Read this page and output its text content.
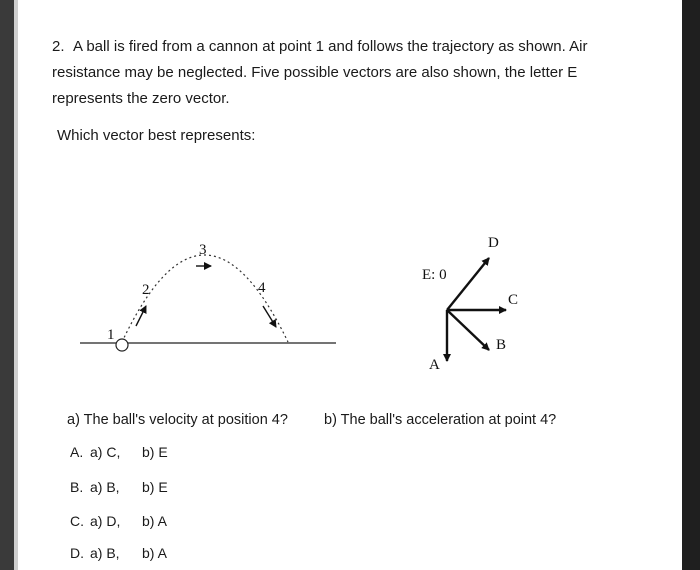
2. A ball is fired from a cannon at point 1 and follows the trajectory as shown. Air
resistance may be neglected. Five possible vectors are also shown, the letter E
represents the zero vector.
Which vector best represents:
1
2
3
4
E: 0
A
B
C
D
a) The ball's velocity at position 4? b) The ball's acceleration at point 4?
A. a) C, b) E
B. a) B, b) E
C. a) D, b) A
D. a) B, b) A
